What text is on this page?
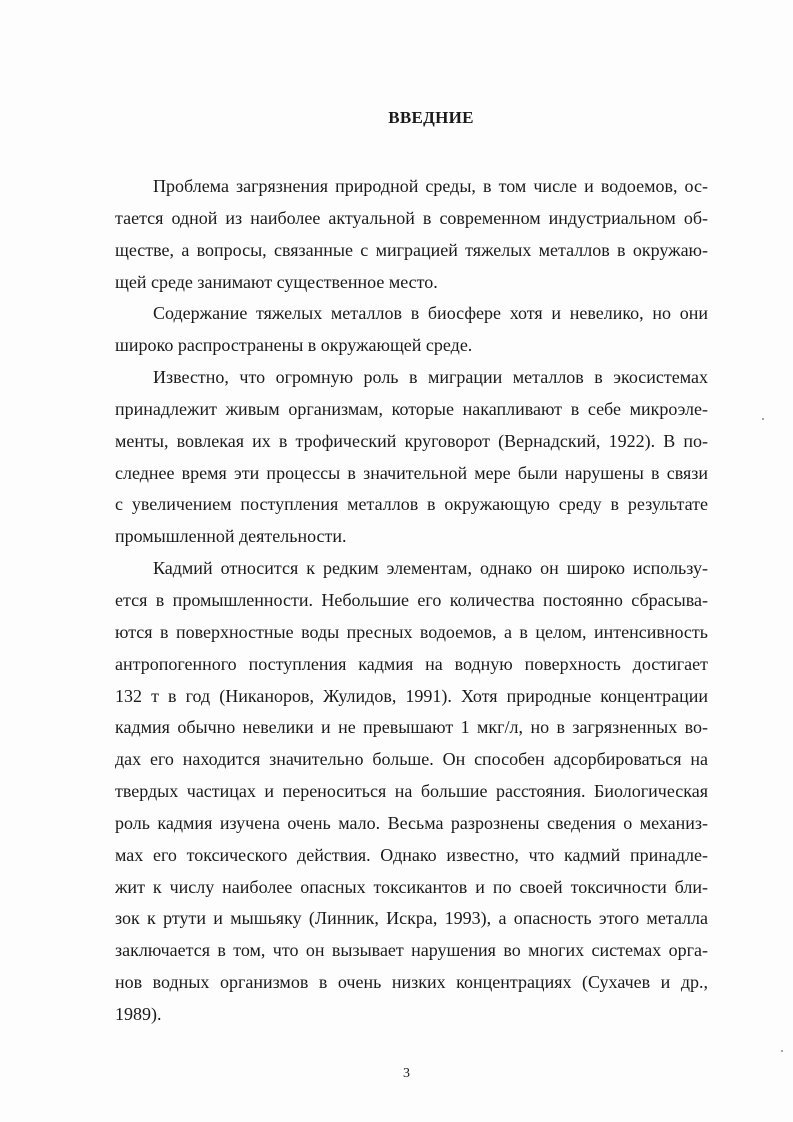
ВВЕДНИЕ
Проблема загрязнения природной среды, в том числе и водоемов, ос-
тается одной из наиболее актуальной в современном индустриальном об-
ществе, а вопросы, связанные с миграцией тяжелых металлов в окружаю-
щей среде занимают существенное место.
Содержание тяжелых металлов в биосфере хотя и невелико, но они
широко распространены в окружающей среде.
Известно, что огромную роль в миграции металлов в экосистемах
принадлежит живым организмам, которые накапливают в себе микроэле-
менты, вовлекая их в трофический круговорот (Вернадский, 1922). В по-
следнее время эти процессы в значительной мере были нарушены в связи
с увеличением поступления металлов в окружающую среду в результате
промышленной деятельности.
Кадмий относится к редким элементам, однако он широко использу-
ется в промышленности. Небольшие его количества постоянно сбрасыва-
ются в поверхностные воды пресных водоемов, а в целом, интенсивность
антропогенного поступления кадмия на водную поверхность достигает
132 т в год (Никаноров, Жулидов, 1991). Хотя природные концентрации
кадмия обычно невелики и не превышают 1 мкг/л, но в загрязненных во-
дах его находится значительно больше. Он способен адсорбироваться на
твердых частицах и переноситься на большие расстояния. Биологическая
роль кадмия изучена очень мало. Весьма разрознены сведения о механиз-
мах его токсического действия. Однако известно, что кадмий принадле-
жит к числу наиболее опасных токсикантов и по своей токсичности бли-
зок к ртути и мышьяку (Линник, Искра, 1993), а опасность этого металла
заключается в том, что он вызывает нарушения во многих системах орга-
нов водных организмов в очень низких концентрациях (Сухачев и др.,
1989).
3
